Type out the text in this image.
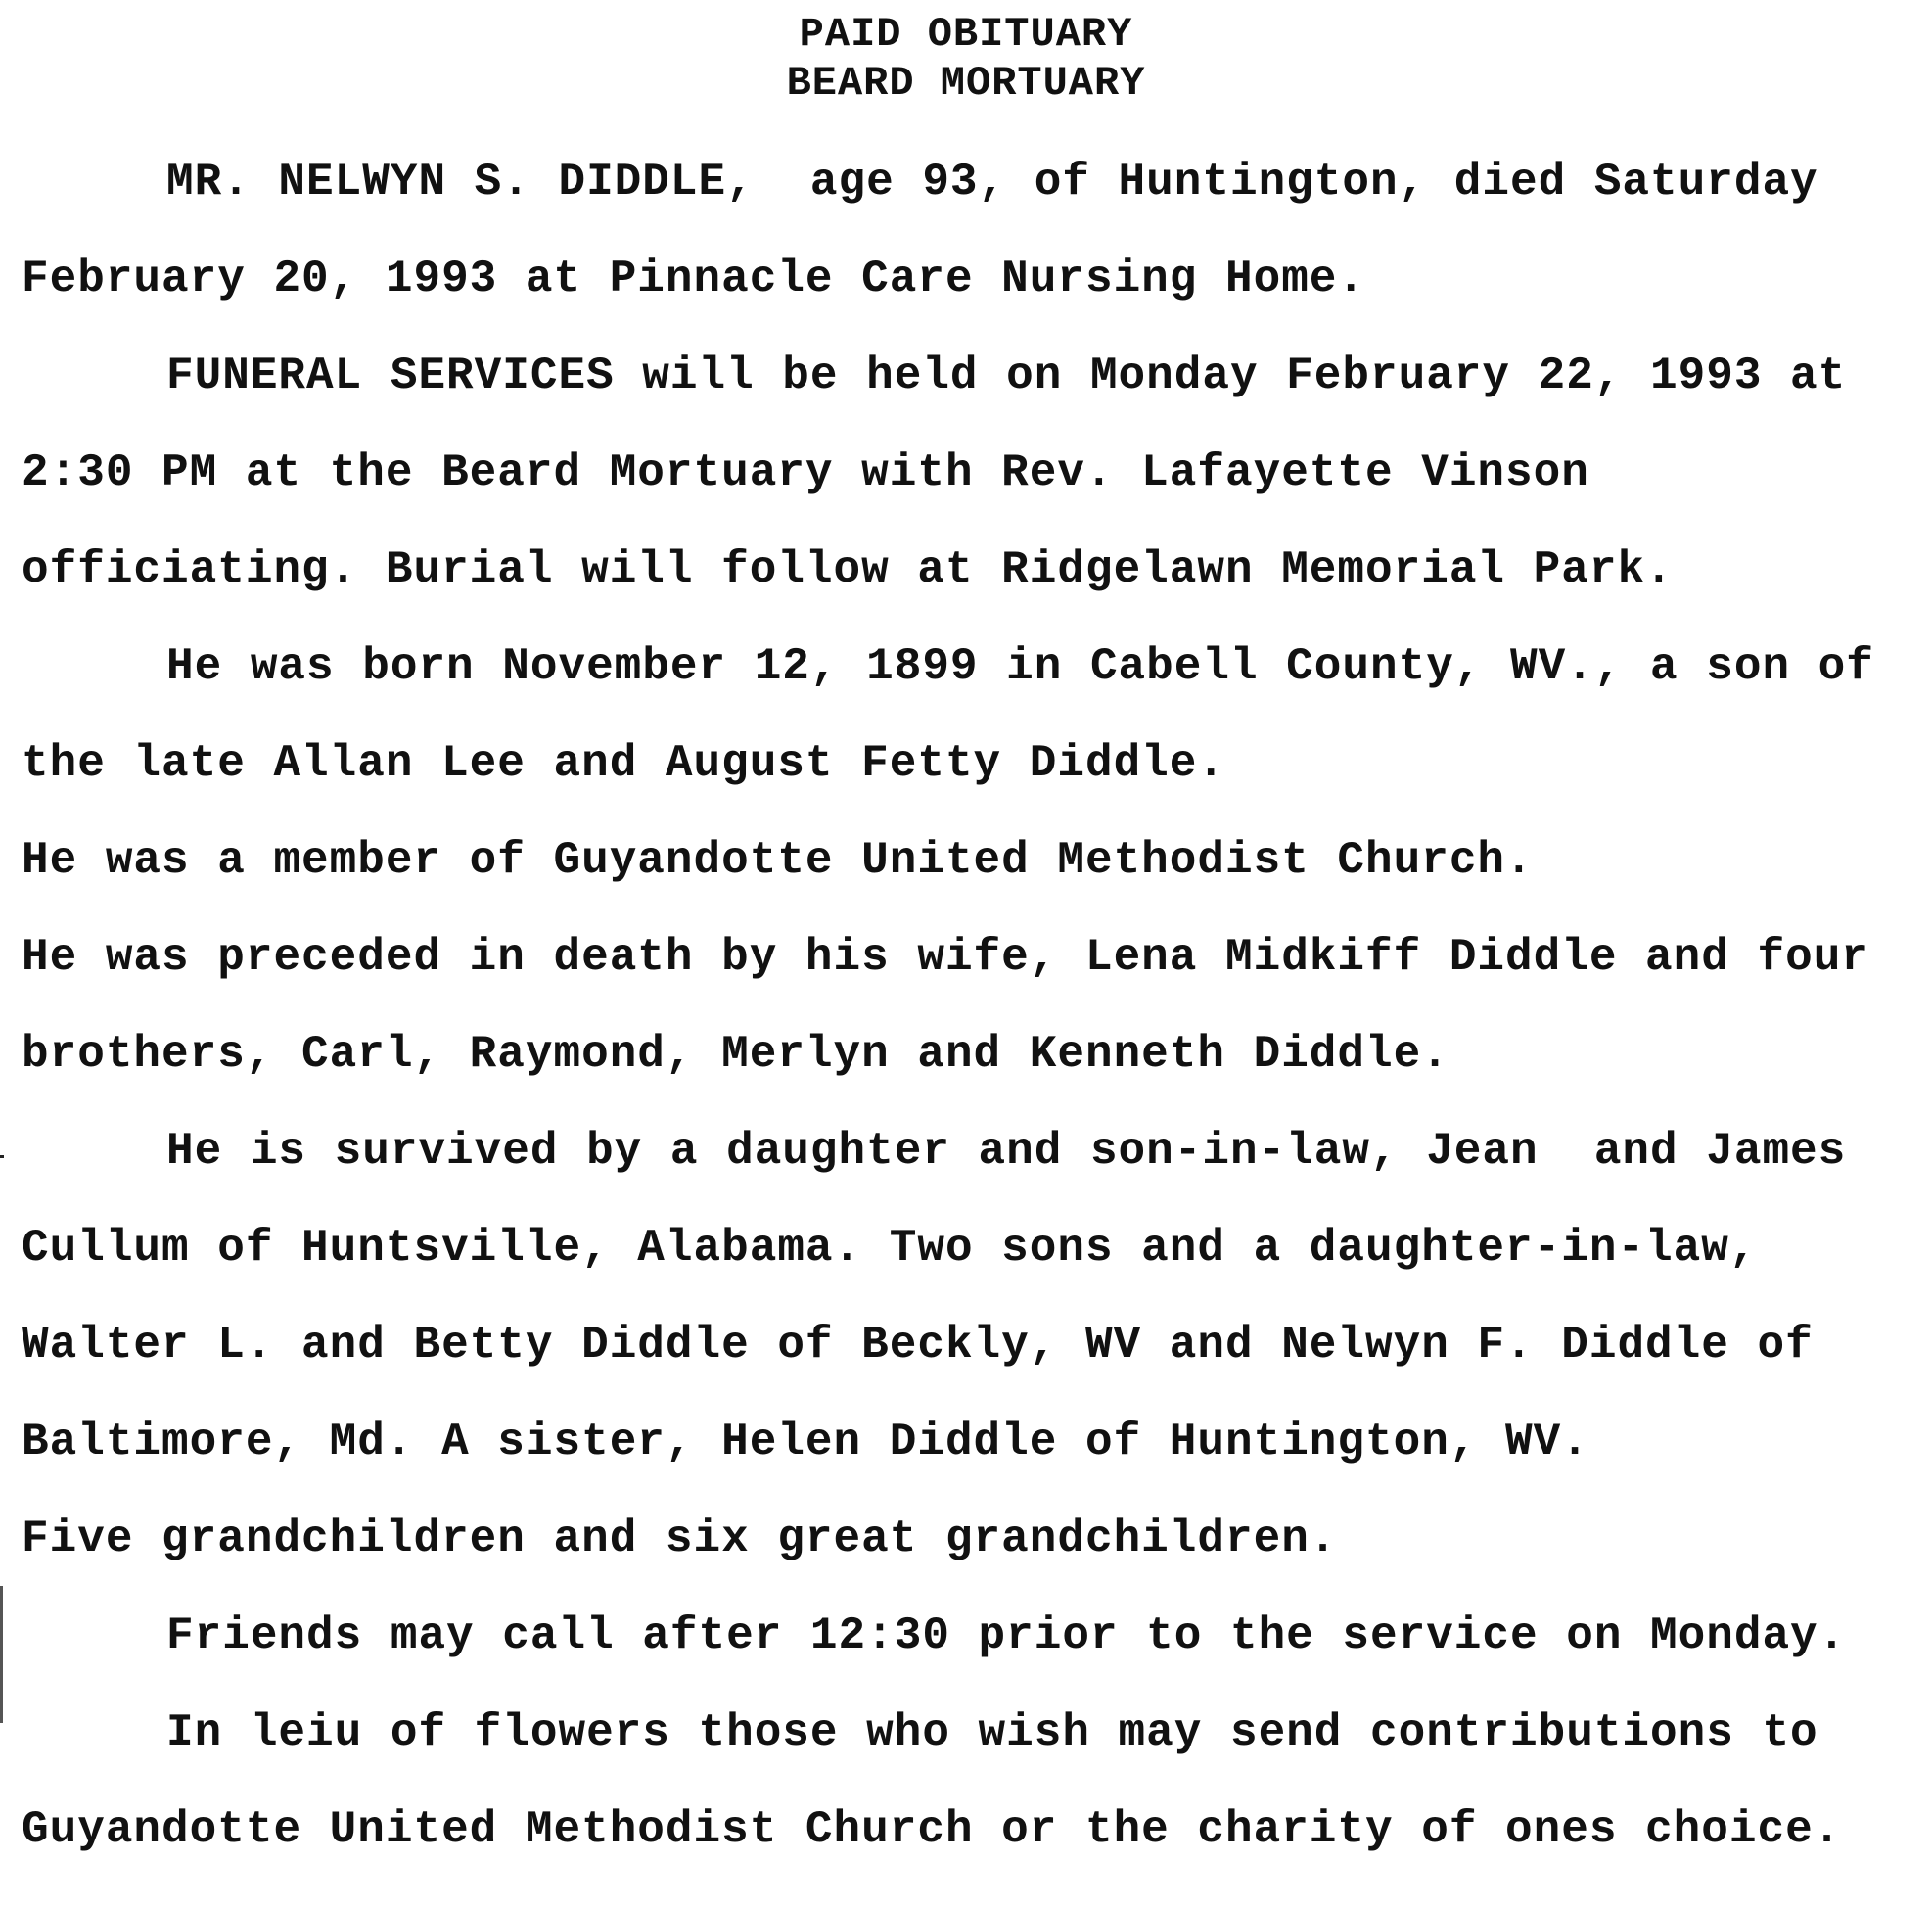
PAID OBITUARY
BEARD MORTUARY
MR. NELWYN S. DIDDLE,  age 93, of Huntington, died Saturday
February 20, 1993 at Pinnacle Care Nursing Home.
FUNERAL SERVICES will be held on Monday February 22, 1993 at
2:30 PM at the Beard Mortuary with Rev. Lafayette Vinson
officiating. Burial will follow at Ridgelawn Memorial Park.
He was born November 12, 1899 in Cabell County, WV., a son of
the late Allan Lee and August Fetty Diddle.
He was a member of Guyandotte United Methodist Church.
He was preceded in death by his wife, Lena Midkiff Diddle and four
brothers, Carl, Raymond, Merlyn and Kenneth Diddle.
He is survived by a daughter and son-in-law, Jean  and James
Cullum of Huntsville, Alabama. Two sons and a daughter-in-law,
Walter L. and Betty Diddle of Beckly, WV and Nelwyn F. Diddle of
Baltimore, Md. A sister, Helen Diddle of Huntington, WV.
Five grandchildren and six great grandchildren.
Friends may call after 12:30 prior to the service on Monday.
In leiu of flowers those who wish may send contributions to
Guyandotte United Methodist Church or the charity of ones choice.
